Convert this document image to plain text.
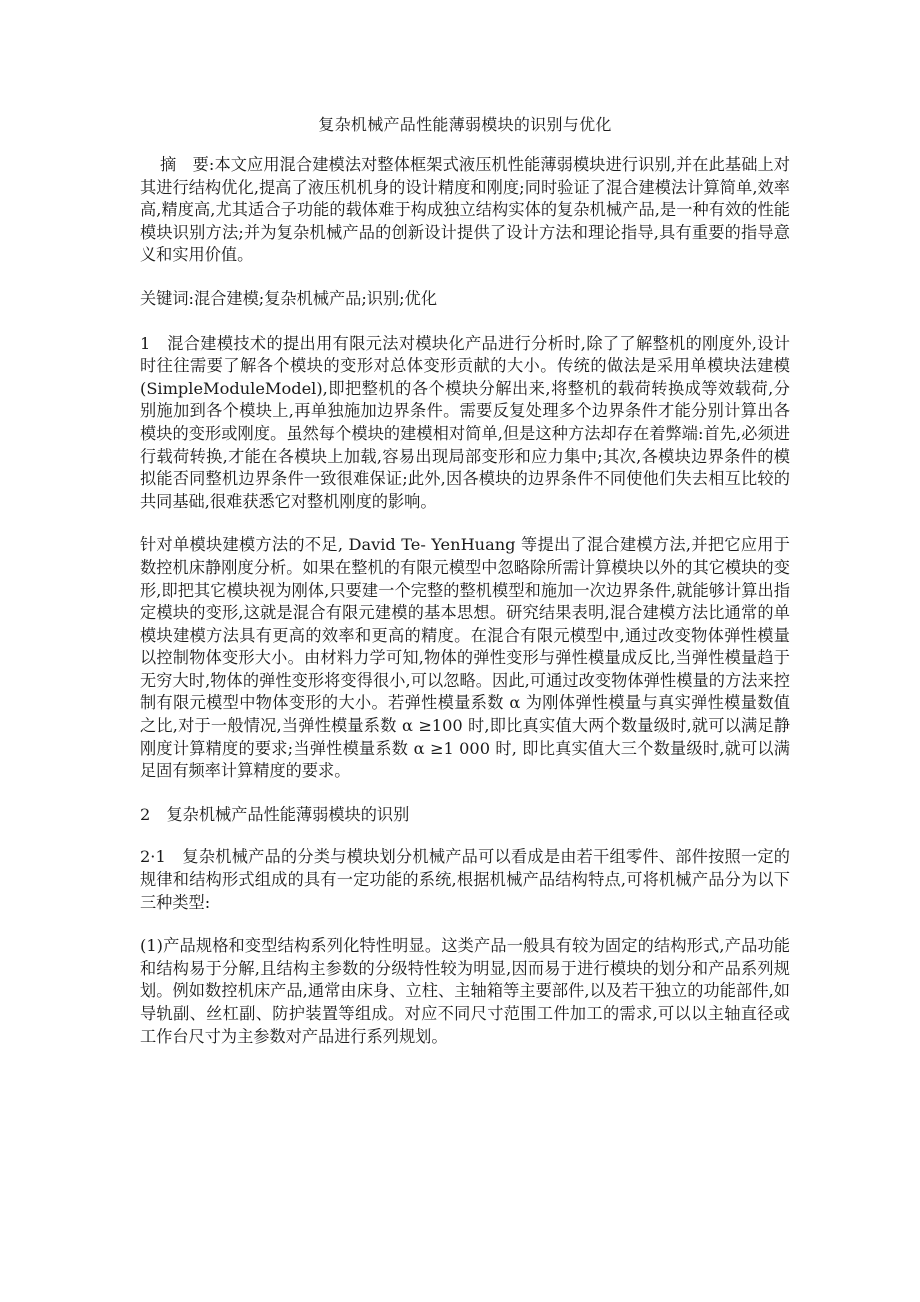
复杂机械产品性能薄弱模块的识别与优化

摘　要:本文应用混合建模法对整体框架式液压机性能薄弱模块进行识别,并在此基础上对其进行结构优化,提高了液压机机身的设计精度和刚度;同时验证了混合建模法计算简单,效率高,精度高,尤其适合子功能的载体难于构成独立结构实体的复杂机械产品,是一种有效的性能模块识别方法;并为复杂机械产品的创新设计提供了设计方法和理论指导,具有重要的指导意义和实用价值。

关键词:混合建模;复杂机械产品;识别;优化

1　混合建模技术的提出用有限元法对模块化产品进行分析时,除了了解整机的刚度外,设计时往往需要了解各个模块的变形对总体变形贡献的大小。传统的做法是采用单模块法建模(SimpleModuleModel),即把整机的各个模块分解出来,将整机的载荷转换成等效载荷,分别施加到各个模块上,再单独施加边界条件。需要反复处理多个边界条件才能分别计算出各模块的变形或刚度。虽然每个模块的建模相对简单,但是这种方法却存在着弊端:首先,必须进行载荷转换,才能在各模块上加载,容易出现局部变形和应力集中;其次,各模块边界条件的模拟能否同整机边界条件一致很难保证;此外,因各模块的边界条件不同使他们失去相互比较的共同基础,很难获悉它对整机刚度的影响。

针对单模块建模方法的不足, David Te- YenHuang 等提出了混合建模方法,并把它应用于数控机床静刚度分析。如果在整机的有限元模型中忽略除所需计算模块以外的其它模块的变形,即把其它模块视为刚体,只要建一个完整的整机模型和施加一次边界条件,就能够计算出指定模块的变形,这就是混合有限元建模的基本思想。研究结果表明,混合建模方法比通常的单模块建模方法具有更高的效率和更高的精度。在混合有限元模型中,通过改变物体弹性模量以控制物体变形大小。由材料力学可知,物体的弹性变形与弹性模量成反比,当弹性模量趋于无穷大时,物体的弹性变形将变得很小,可以忽略。因此,可通过改变物体弹性模量的方法来控制有限元模型中物体变形的大小。若弹性模量系数 α 为刚体弹性模量与真实弹性模量数值之比,对于一般情况,当弹性模量系数 α ≥100 时,即比真实值大两个数量级时,就可以满足静刚度计算精度的要求;当弹性模量系数 α ≥1 000 时, 即比真实值大三个数量级时,就可以满足固有频率计算精度的要求。

2　复杂机械产品性能薄弱模块的识别

2·1　复杂机械产品的分类与模块划分机械产品可以看成是由若干组零件、部件按照一定的规律和结构形式组成的具有一定功能的系统,根据机械产品结构特点,可将机械产品分为以下三种类型:

(1)产品规格和变型结构系列化特性明显。这类产品一般具有较为固定的结构形式,产品功能和结构易于分解,且结构主参数的分级特性较为明显,因而易于进行模块的划分和产品系列规划。例如数控机床产品,通常由床身、立柱、主轴箱等主要部件,以及若干独立的功能部件,如导轨副、丝杠副、防护装置等组成。对应不同尺寸范围工件加工的需求,可以以主轴直径或工作台尺寸为主参数对产品进行系列规划。
